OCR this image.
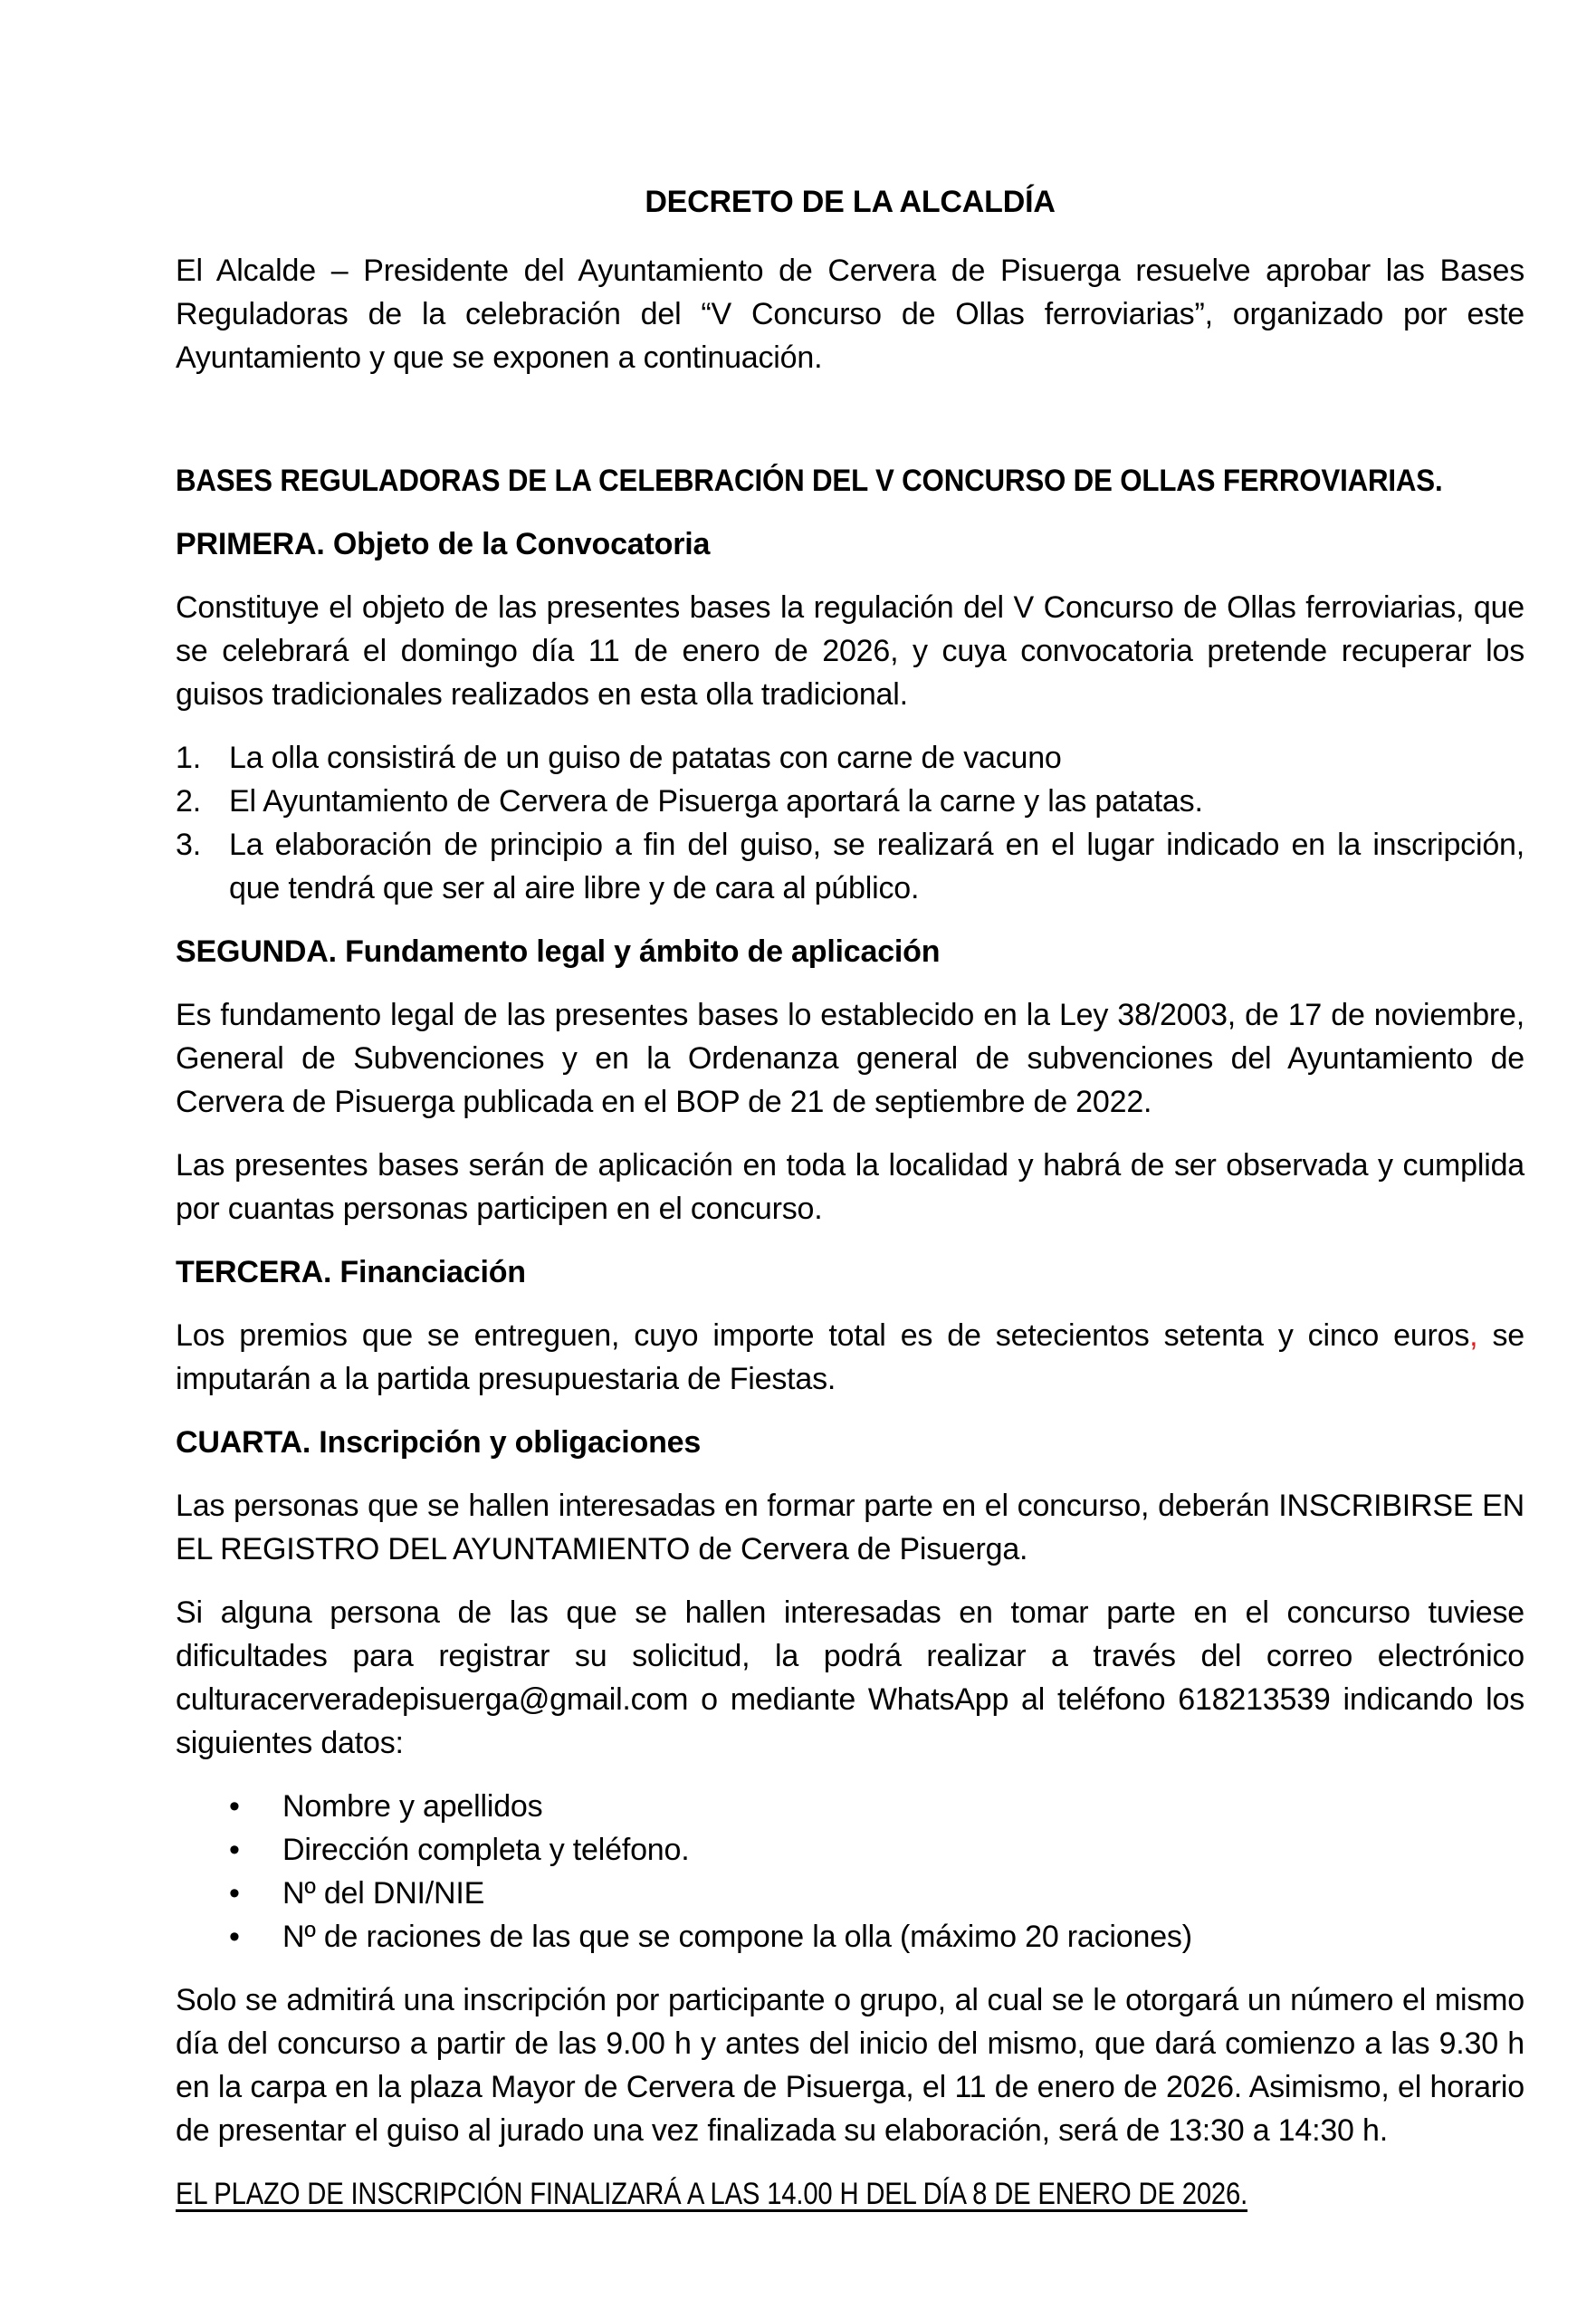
DECRETO DE LA ALCALDÍA

El Alcalde – Presidente del Ayuntamiento de Cervera de Pisuerga resuelve aprobar las Bases Reguladoras de la celebración del “V Concurso de Ollas ferroviarias”, organizado por este Ayuntamiento y que se exponen a continuación.

BASES REGULADORAS DE LA CELEBRACIÓN DEL V CONCURSO DE OLLAS FERROVIARIAS.
PRIMERA. Objeto de la Convocatoria

Constituye el objeto de las presentes bases la regulación del V Concurso de Ollas ferroviarias, que se celebrará el domingo día 11 de enero de 2026, y cuya convocatoria pretende recuperar los guisos tradicionales realizados en esta olla tradicional.

1. La olla consistirá de un guiso de patatas con carne de vacuno
2. El Ayuntamiento de Cervera de Pisuerga aportará la carne y las patatas.
3. La elaboración de principio a fin del guiso, se realizará en el lugar indicado en la inscripción, que tendrá que ser al aire libre y de cara al público.
SEGUNDA. Fundamento legal y ámbito de aplicación

Es fundamento legal de las presentes bases lo establecido en la Ley 38/2003, de 17 de noviembre, General de Subvenciones y en la Ordenanza general de subvenciones del Ayuntamiento de Cervera de Pisuerga publicada en el BOP de 21 de septiembre de 2022.

Las presentes bases serán de aplicación en toda la localidad y habrá de ser observada y cumplida por cuantas personas participen en el concurso.

TERCERA. Financiación

Los premios que se entreguen, cuyo importe total es de setecientos setenta y cinco euros, se imputarán a la partida presupuestaria de Fiestas.

CUARTA. Inscripción y obligaciones

Las personas que se hallen interesadas en formar parte en el concurso, deberán INSCRIBIRSE EN EL REGISTRO DEL AYUNTAMIENTO de Cervera de Pisuerga.

Si alguna persona de las que se hallen interesadas en tomar parte en el concurso tuviese dificultades para registrar su solicitud, la podrá realizar a través del correo electrónico culturacerveradepisuerga@gmail.com o mediante WhatsApp al teléfono 618213539 indicando los siguientes datos:

• Nombre y apellidos
• Dirección completa y teléfono.
• Nº del DNI/NIE
• Nº de raciones de las que se compone la olla (máximo 20 raciones)

Solo se admitirá una inscripción por participante o grupo, al cual se le otorgará un número el mismo día del concurso a partir de las 9.00 h y antes del inicio del mismo, que dará comienzo a las 9.30 h en la carpa en la plaza Mayor de Cervera de Pisuerga, el 11 de enero de 2026. Asimismo, el horario de presentar el guiso al jurado una vez finalizada su elaboración, será de 13:30 a 14:30 h.

EL PLAZO DE INSCRIPCIÓN FINALIZARÁ A LAS 14.00 H DEL DÍA 8 DE ENERO DE 2026.
